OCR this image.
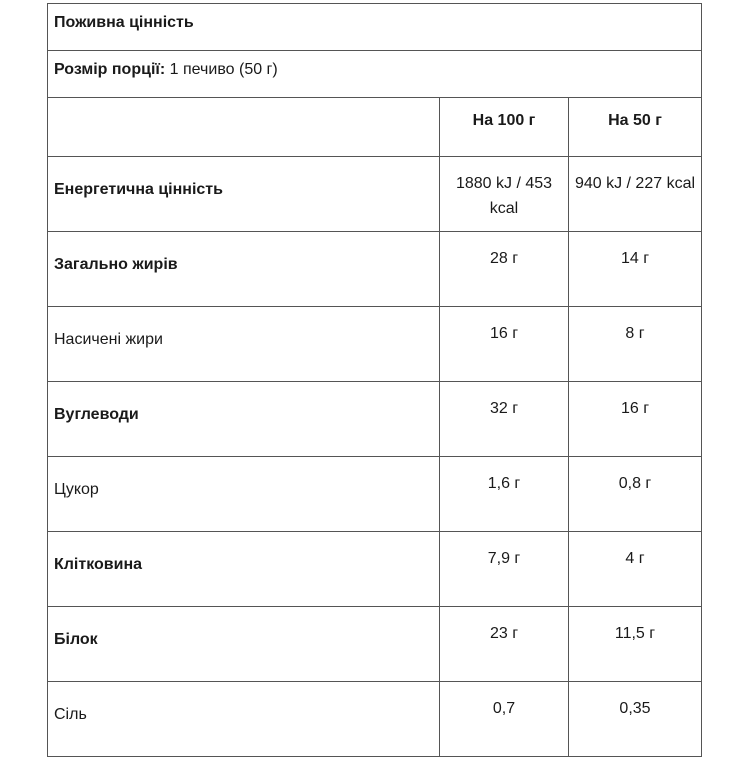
Поживна цінність		
Розмір порції: 1 печиво (50 г)		
	На 100 г	На 50 г
Енергетична цінність	1880 kJ / 453 kcal	940 kJ / 227 kcal
Загально жирів	28 г	14 г
Насичені жири	16 г	8 г
Вуглеводи	32 г	16 г
Цукор	1,6 г	0,8 г
Клітковина	7,9 г	4 г
Білок	23 г	11,5 г
Сіль	0,7	0,35
